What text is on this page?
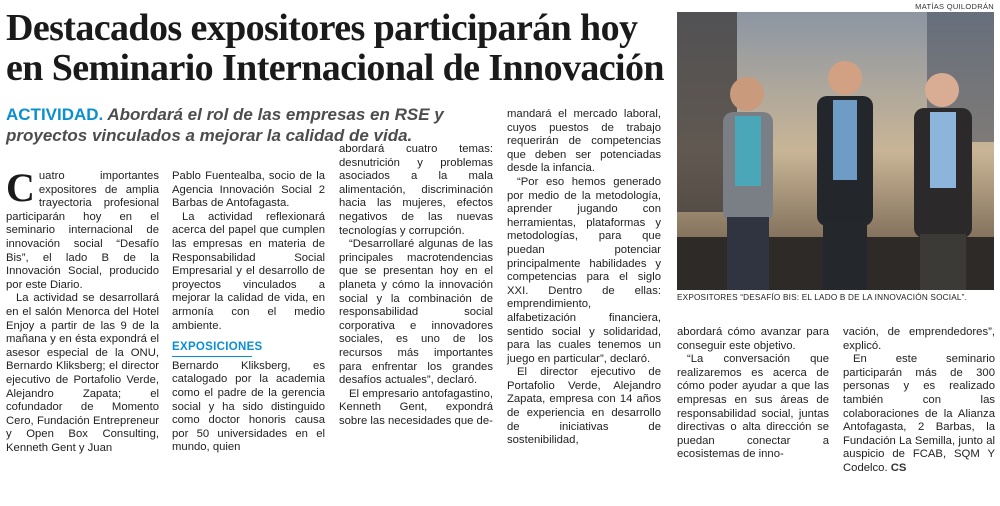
MATÍAS QUILODRÁN
Destacados expositores participarán hoy
en Seminario Internacional de Innovación
ACTIVIDAD. Abordará el rol de las empresas en RSE y proyectos vinculados a mejorar la calidad de vida.

Cuatro importantes expositores de amplia trayectoria profesional participarán hoy en el seminario internacional de innovación social “Desafío Bis”, el lado B de la Innovación Social, producido por este Diario.

La actividad se desarrollará en el salón Menorca del Hotel Enjoy a partir de las 9 de la mañana y en ésta expondrá el asesor especial de la ONU, Bernardo Kliksberg; el director ejecutivo de Portafolio Verde, Alejandro Zapata; el cofundador de Momento Cero, Fundación Entrepreneur y Open Box Consulting, Kenneth Gent y Juan

Pablo Fuentealba, socio de la Agencia Innovación Social 2 Barbas de Antofagasta.

La actividad reflexionará acerca del papel que cumplen las empresas en materia de Responsabilidad Social Empresarial y el desarrollo de proyectos vinculados a mejorar la calidad de vida, en armonía con el medio ambiente.

EXPOSICIONES

Bernardo Kliksberg, es catalogado por la academia como el padre de la gerencia social y ha sido distinguido como doctor honoris causa por 50 universidades en el mundo, quien

abordará cuatro temas: desnutrición y problemas asociados a la mala alimentación, discriminación hacia las mujeres, efectos negativos de las nuevas tecnologías y corrupción.

“Desarrollaré algunas de las principales macrotendencias que se presentan hoy en el planeta y cómo la innovación social y la combinación de responsabilidad social corporativa e innovadores sociales, es uno de los recursos más importantes para enfrentar los grandes desafíos actuales”, declaró.

El empresario antofagastino, Kenneth Gent, expondrá sobre las necesidades que de-

mandará el mercado laboral, cuyos puestos de trabajo requerirán de competencias que deben ser potenciadas desde la infancia.

“Por eso hemos generado por medio de la metodología, aprender jugando con herramientas, plataformas y metodologías, para que puedan potenciar principalmente habilidades y competencias para el siglo XXI. Dentro de ellas: emprendimiento, alfabetización financiera, sentido social y solidaridad, para las cuales tenemos un juego en particular”, declaró.

El director ejecutivo de Portafolio Verde, Alejandro Zapata, empresa con 14 años de experiencia en desarrollo de iniciativas de sostenibilidad,

EXPOSITORES “DESAFÍO BIS: EL LADO B DE LA INNOVACIÓN SOCIAL”.

abordará cómo avanzar para conseguir este objetivo.

“La conversación que realizaremos es acerca de cómo poder ayudar a que las empresas en sus áreas de responsabilidad social, juntas directivas o alta dirección se puedan conectar a ecosistemas de inno-

vación, de emprendedores”, explicó.

En este seminario participarán más de 300 personas y es realizado también con las colaboraciones de la Alianza Antofagasta, 2 Barbas, la Fundación La Semilla, junto al auspicio de FCAB, SQM Y Codelco. CS
